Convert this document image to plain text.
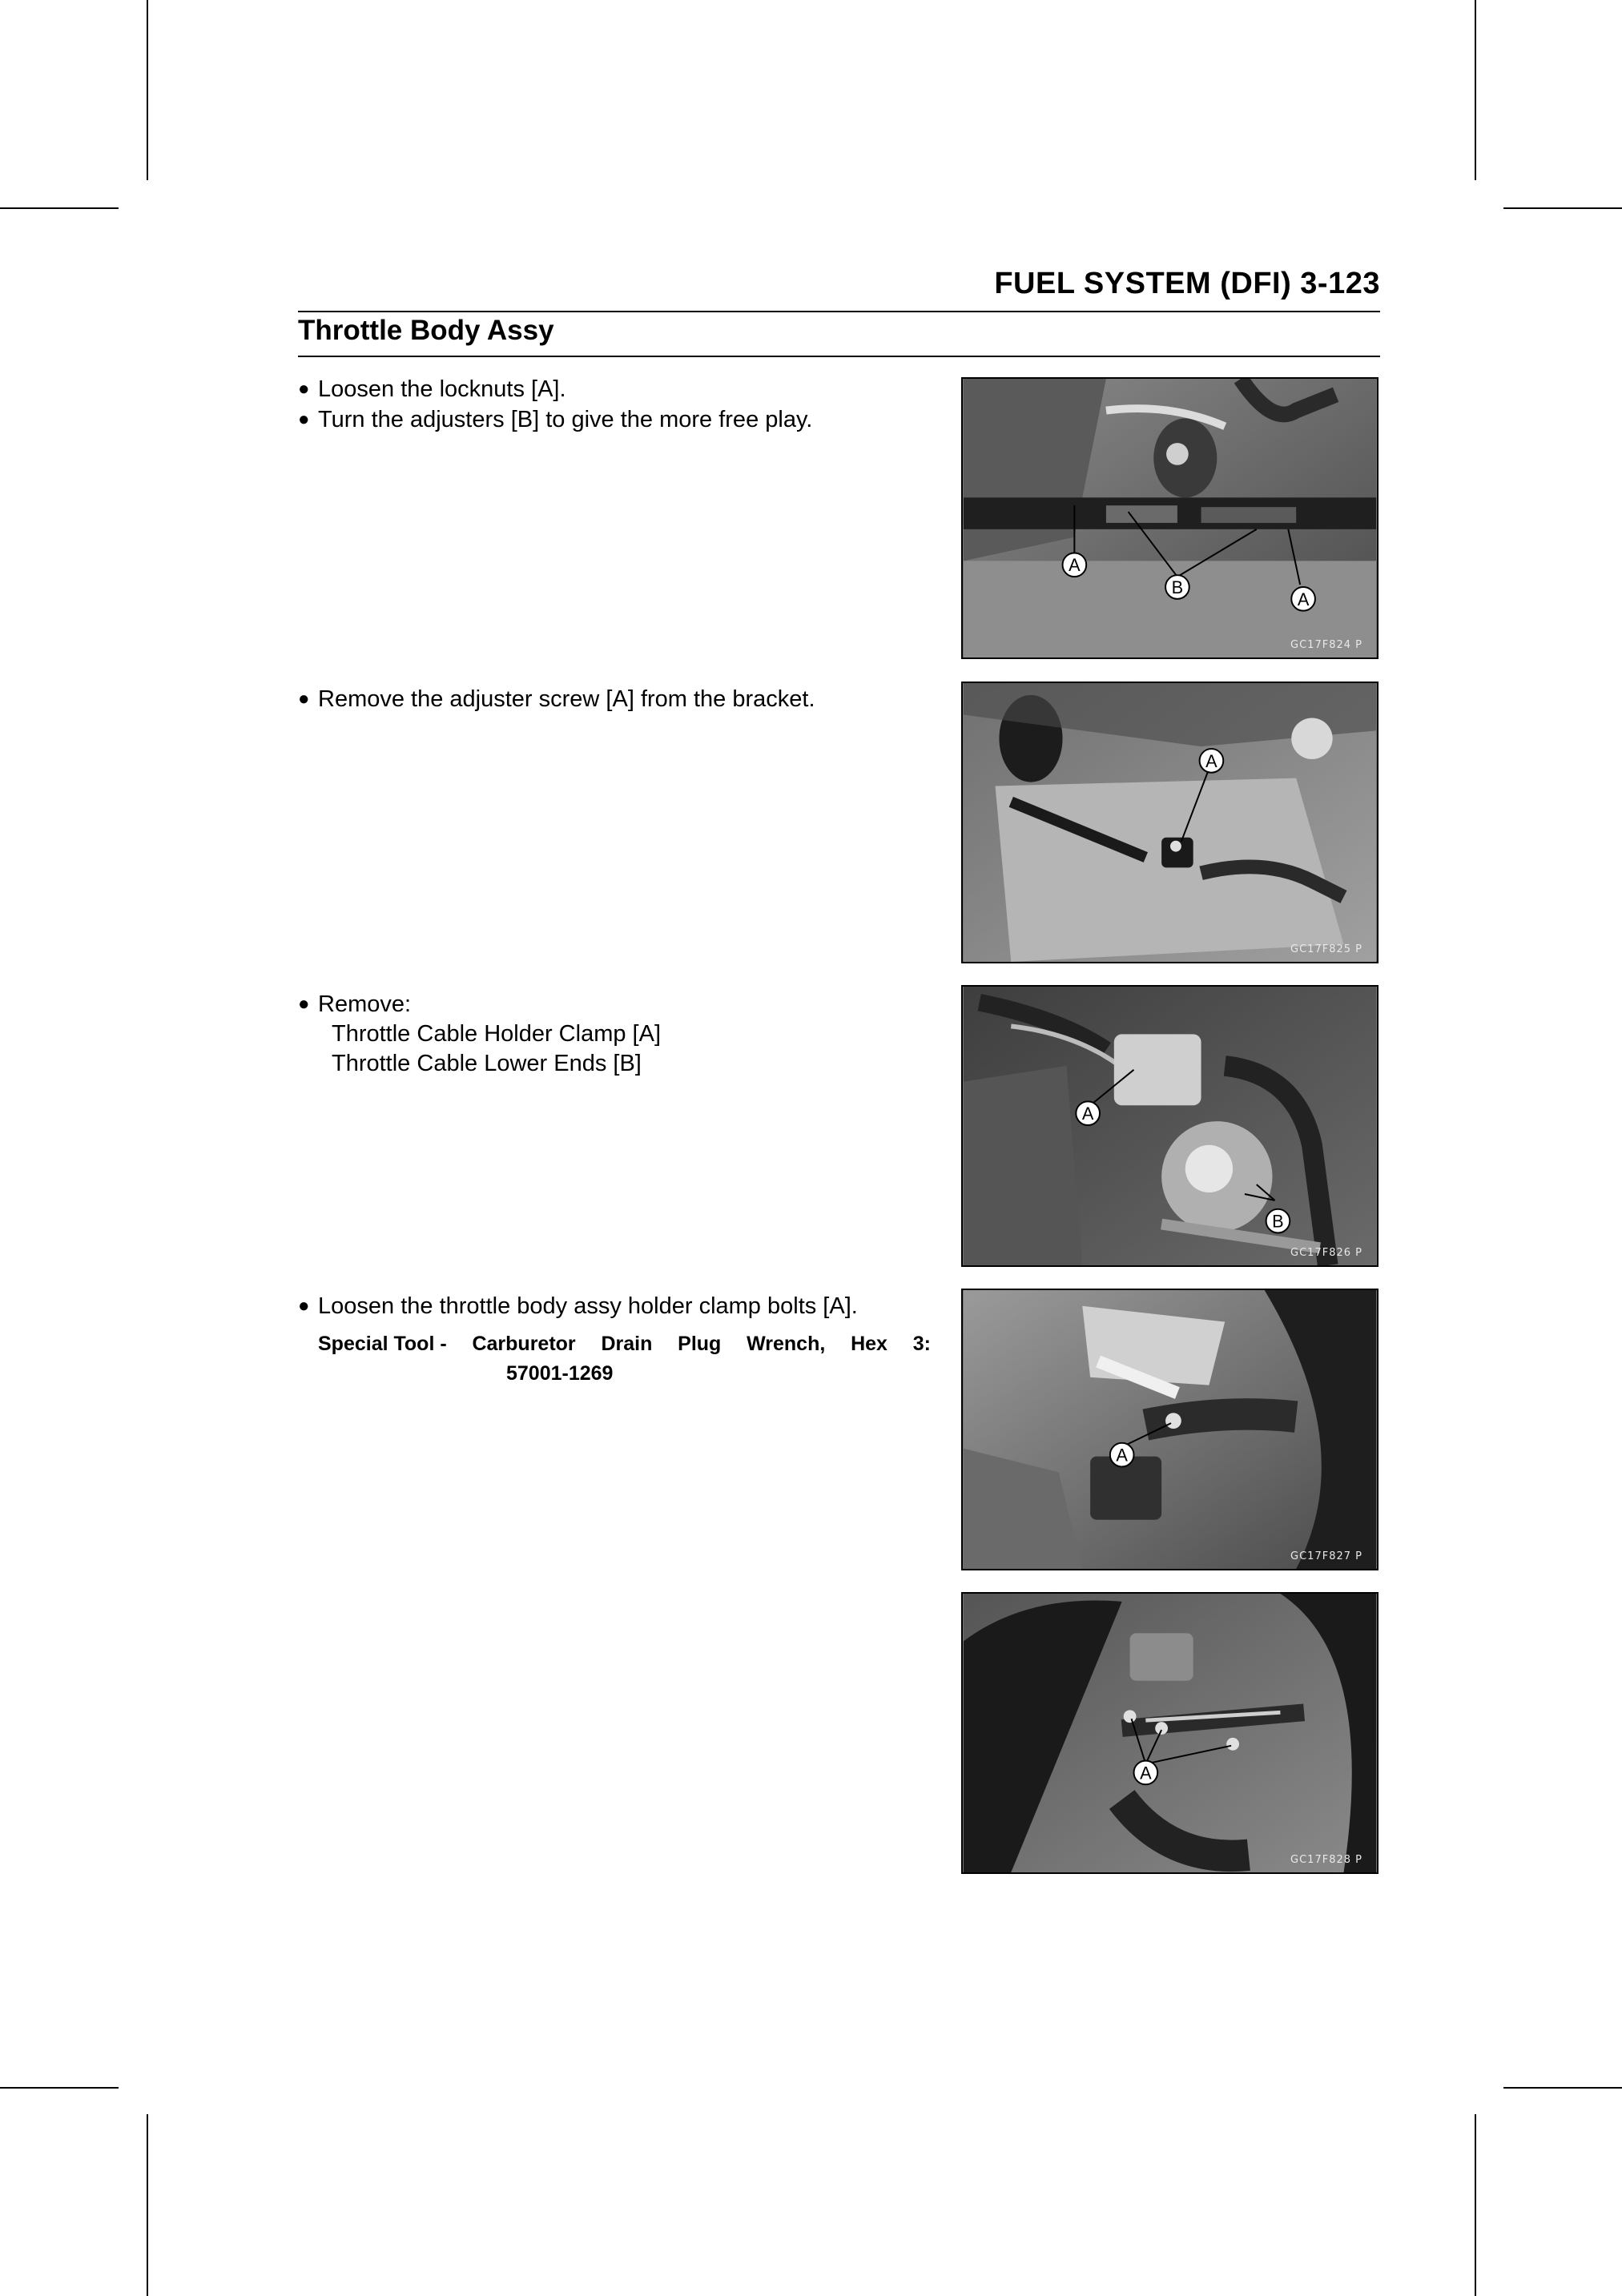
FUEL SYSTEM (DFI) 3-123
Throttle Body Assy
● Loosen the locknuts [A].
● Turn the adjusters [B] to give the more free play.
● Remove the adjuster screw [A] from the bracket.
● Remove:
Throttle Cable Holder Clamp [A]
Throttle Cable Lower Ends [B]
● Loosen the throttle body assy holder clamp bolts [A].
Special Tool - Carburetor Drain Plug Wrench, Hex 3:
57001-1269
A
B
A
GC17F824 P
A
GC17F825 P
A
B
GC17F826 P
A
GC17F827 P
A
GC17F828 P
